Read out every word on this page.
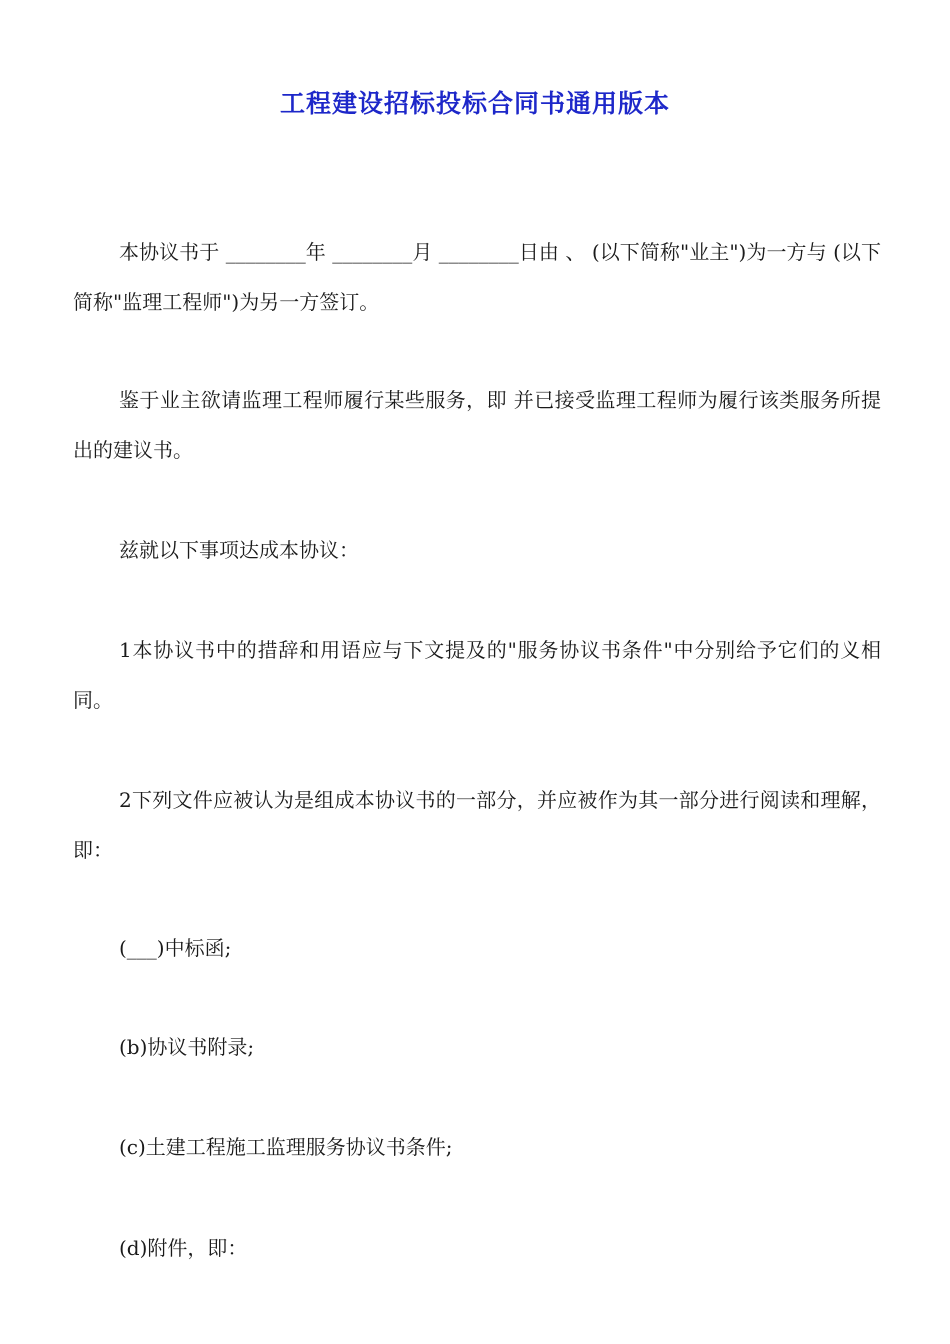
工程建设招标投标合同书通用版本
本协议书于 ________年 ________月 ________日由 、 (以下简称"业主")为一方与 (以下简称"监理工程师")为另一方签订。
鉴于业主欲请监理工程师履行某些服务，即 并已接受监理工程师为履行该类服务所提出的建议书。
兹就以下事项达成本协议：
1本协议书中的措辞和用语应与下文提及的"服务协议书条件"中分别给予它们的义相同。
2下列文件应被认为是组成本协议书的一部分，并应被作为其一部分进行阅读和理解，即：
(___)中标函;
(b)协议书附录;
(c)土建工程施工监理服务协议书条件;
(d)附件，即：
